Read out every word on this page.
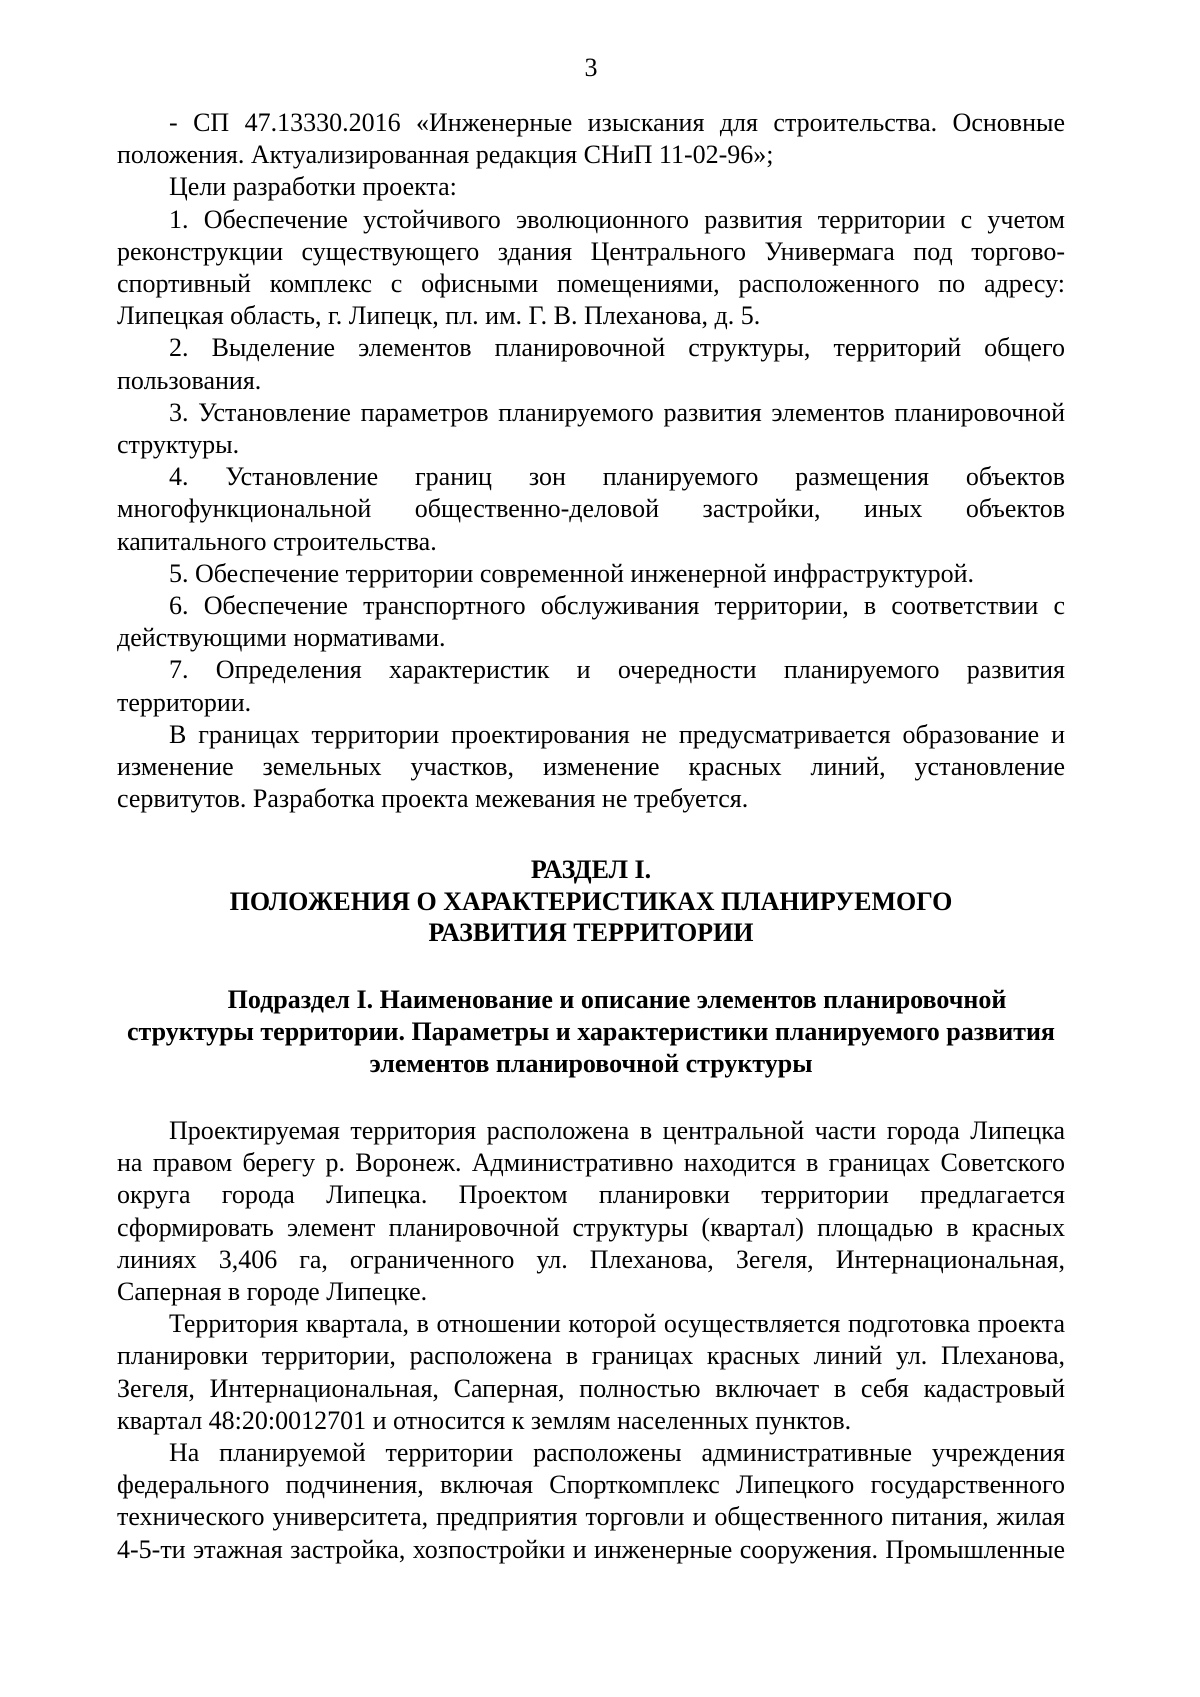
3

- СП 47.13330.2016 «Инженерные изыскания для строительства. Основные положения. Актуализированная редакция СНиП 11-02-96»;

Цели разработки проекта:

1. Обеспечение устойчивого эволюционного развития территории с учетом реконструкции существующего здания Центрального Универмага под торгово-спортивный комплекс с офисными помещениями, расположенного по адресу: Липецкая область, г. Липецк, пл. им. Г. В. Плеханова, д. 5.

2. Выделение элементов планировочной структуры, территорий общего пользования.

3. Установление параметров планируемого развития элементов планировочной структуры.

4. Установление границ зон планируемого размещения объектов многофункциональной общественно-деловой застройки, иных объектов капитального строительства.

5. Обеспечение территории современной инженерной инфраструктурой.

6. Обеспечение транспортного обслуживания территории, в соответствии с действующими нормативами.

7. Определения характеристик и очередности планируемого развития территории.

В границах территории проектирования не предусматривается образование и изменение земельных участков, изменение красных линий, установление сервитутов. Разработка проекта межевания не требуется.

РАЗДЕЛ I.
ПОЛОЖЕНИЯ О ХАРАКТЕРИСТИКАХ ПЛАНИРУЕМОГО
РАЗВИТИЯ ТЕРРИТОРИИ
Подраздел I. Наименование и описание элементов планировочной
структуры территории. Параметры и характеристики планируемого развития
элементов планировочной структуры

Проектируемая территория расположена в центральной части города Липецка на правом берегу р. Воронеж. Административно находится в границах Советского округа города Липецка. Проектом планировки территории предлагается сформировать элемент планировочной структуры (квартал) площадью в красных линиях 3,406 га, ограниченного ул. Плеханова, Зегеля, Интернациональная, Саперная в городе Липецке.

Территория квартала, в отношении которой осуществляется подготовка проекта планировки территории, расположена в границах красных линий ул. Плеханова, Зегеля, Интернациональная, Саперная, полностью включает в себя кадастровый квартал 48:20:0012701 и относится к землям населенных пунктов.

На планируемой территории расположены административные учреждения федерального подчинения, включая Спорткомплекс Липецкого государственного технического университета, предприятия торговли и общественного питания, жилая 4-5-ти этажная застройка, хозпостройки и инженерные сооружения. Промышленные
